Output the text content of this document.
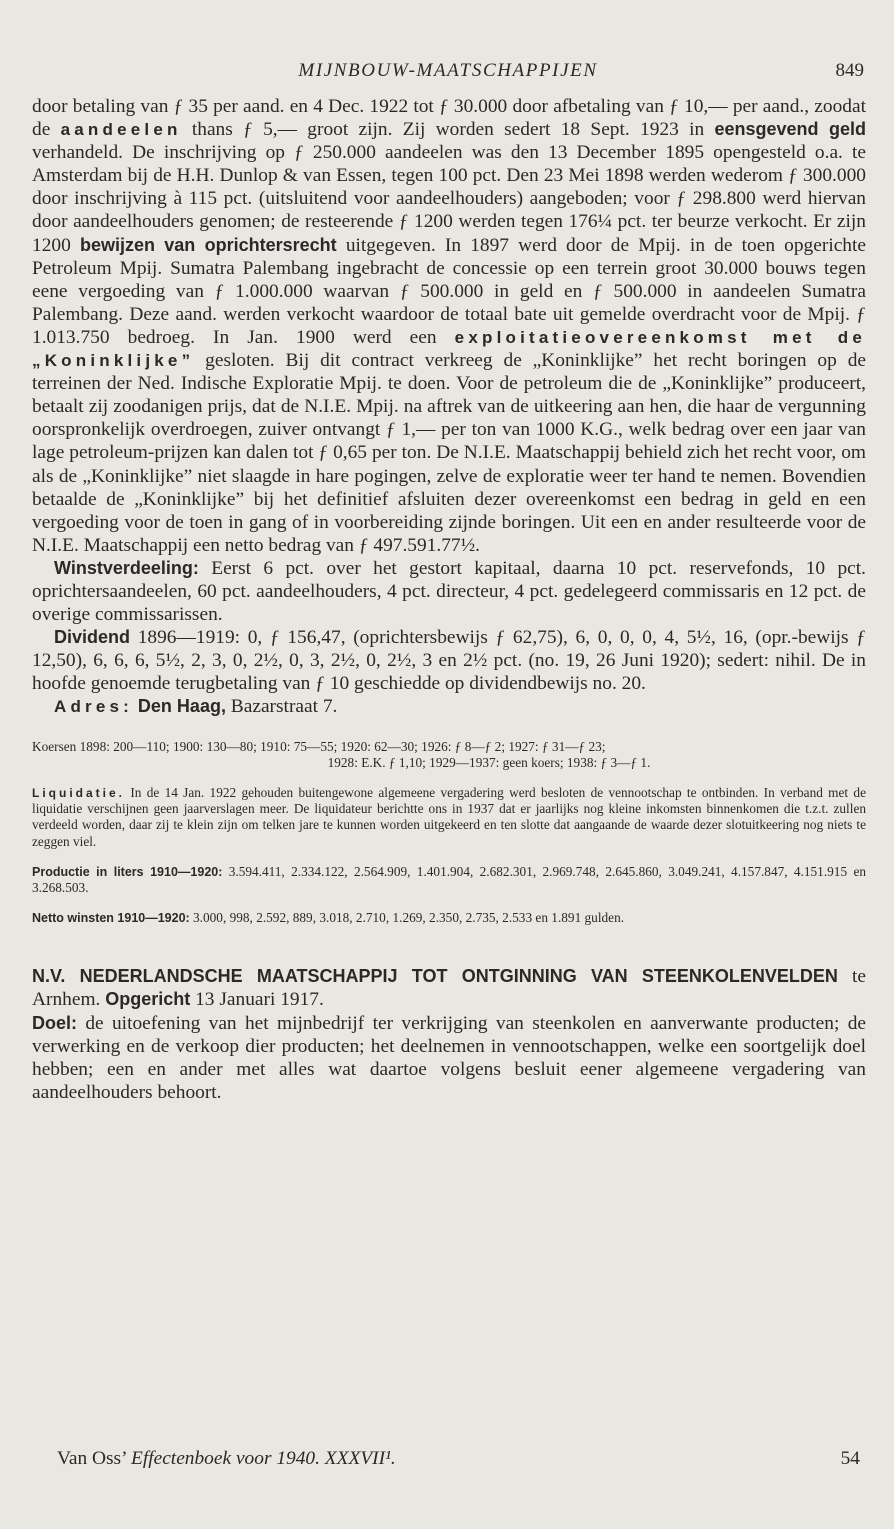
MIJNBOUW-MAATSCHAPPIJEN	849

door betaling van ƒ 35 per aand. en 4 Dec. 1922 tot ƒ 30.000 door afbetaling van ƒ 10,— per aand., zoodat de aandeelen thans ƒ 5,— groot zijn. Zij worden sedert 18 Sept. 1923 in eensgevend geld verhandeld. De inschrijving op ƒ 250.000 aandeelen was den 13 December 1895 opengesteld o.a. te Amsterdam bij de H.H. Dunlop & van Essen, tegen 100 pct. Den 23 Mei 1898 werden wederom ƒ 300.000 door inschrijving à 115 pct. (uitsluitend voor aandeelhouders) aangeboden; voor ƒ 298.800 werd hiervan door aandeelhouders genomen; de resteerende ƒ 1200 werden tegen 176¼ pct. ter beurze verkocht. Er zijn 1200 bewijzen van oprichtersrecht uitgegeven. In 1897 werd door de Mpij. in de toen opgerichte Petroleum Mpij. Sumatra Palembang ingebracht de concessie op een terrein groot 30.000 bouws tegen eene vergoeding van ƒ 1.000.000 waarvan ƒ 500.000 in geld en ƒ 500.000 in aandeelen Sumatra Palembang. Deze aand. werden verkocht waardoor de totaal bate uit gemelde overdracht voor de Mpij. ƒ 1.013.750 bedroeg. In Jan. 1900 werd een exploitatieovereenkomst met de „Koninklijke” gesloten. Bij dit contract verkreeg de „Koninklijke” het recht boringen op de terreinen der Ned. Indische Exploratie Mpij. te doen. Voor de petroleum die de „Koninklijke” produceert, betaalt zij zoodanigen prijs, dat de N.I.E. Mpij. na aftrek van de uitkeering aan hen, die haar de vergunning oorspronkelijk overdroegen, zuiver ontvangt ƒ 1,— per ton van 1000 K.G., welk bedrag over een jaar van lage petroleum-prijzen kan dalen tot ƒ 0,65 per ton. De N.I.E. Maatschappij behield zich het recht voor, om als de „Koninklijke” niet slaagde in hare pogingen, zelve de exploratie weer ter hand te nemen. Bovendien betaalde de „Koninklijke” bij het definitief afsluiten dezer overeenkomst een bedrag in geld en een vergoeding voor de toen in gang of in voorbereiding zijnde boringen. Uit een en ander resulteerde voor de N.I.E. Maatschappij een netto bedrag van ƒ 497.591.77½.

Winstverdeeling: Eerst 6 pct. over het gestort kapitaal, daarna 10 pct. reservefonds, 10 pct. oprichtersaandeelen, 60 pct. aandeelhouders, 4 pct. directeur, 4 pct. gedelegeerd commissaris en 12 pct. de overige commissarissen.

Dividend 1896—1919: 0, ƒ 156,47, (oprichtersbewijs ƒ 62,75), 6, 0, 0, 0, 4, 5½, 16, (opr.-bewijs ƒ 12,50), 6, 6, 6, 5½, 2, 3, 0, 2½, 0, 3, 2½, 0, 2½, 3 en 2½ pct. (no. 19, 26 Juni 1920); sedert: nihil. De in hoofde genoemde terugbetaling van ƒ 10 geschiedde op dividendbewijs no. 20.

Adres: Den Haag, Bazarstraat 7.

Koersen 1898: 200—110; 1900: 130—80; 1910: 75—55; 1920: 62—30; 1926: ƒ 8—ƒ 2; 1927: ƒ 31—ƒ 23;

1928: E.K. ƒ 1,10; 1929—1937: geen koers; 1938: ƒ 3—ƒ 1.

Liquidatie. In de 14 Jan. 1922 gehouden buitengewone algemeene vergadering werd besloten de vennootschap te ontbinden. In verband met de liquidatie verschijnen geen jaarverslagen meer. De liquidateur berichtte ons in 1937 dat er jaarlijks nog kleine inkomsten binnenkomen die t.z.t. zullen verdeeld worden, daar zij te klein zijn om telken jare te kunnen worden uitgekeerd en ten slotte dat aangaande de waarde dezer slotuitkeering nog niets te zeggen viel.

Productie in liters 1910—1920: 3.594.411, 2.334.122, 2.564.909, 1.401.904, 2.682.301, 2.969.748, 2.645.860, 3.049.241, 4.157.847, 4.151.915 en 3.268.503.

Netto winsten 1910—1920: 3.000, 998, 2.592, 889, 3.018, 2.710, 1.269, 2.350, 2.735, 2.533 en 1.891 gulden.

N.V. NEDERLANDSCHE MAATSCHAPPIJ TOT ONTGINNING VAN STEENKOLENVELDEN te Arnhem. Opgericht 13 Januari 1917.

Doel: de uitoefening van het mijnbedrijf ter verkrijging van steenkolen en aanverwante producten; de verwerking en de verkoop dier producten; het deelnemen in vennootschappen, welke een soortgelijk doel hebben; een en ander met alles wat daartoe volgens besluit eener algemeene vergadering van aandeelhouders behoort.

Van Oss’ Effectenboek voor 1940. XXXVII¹.	54
